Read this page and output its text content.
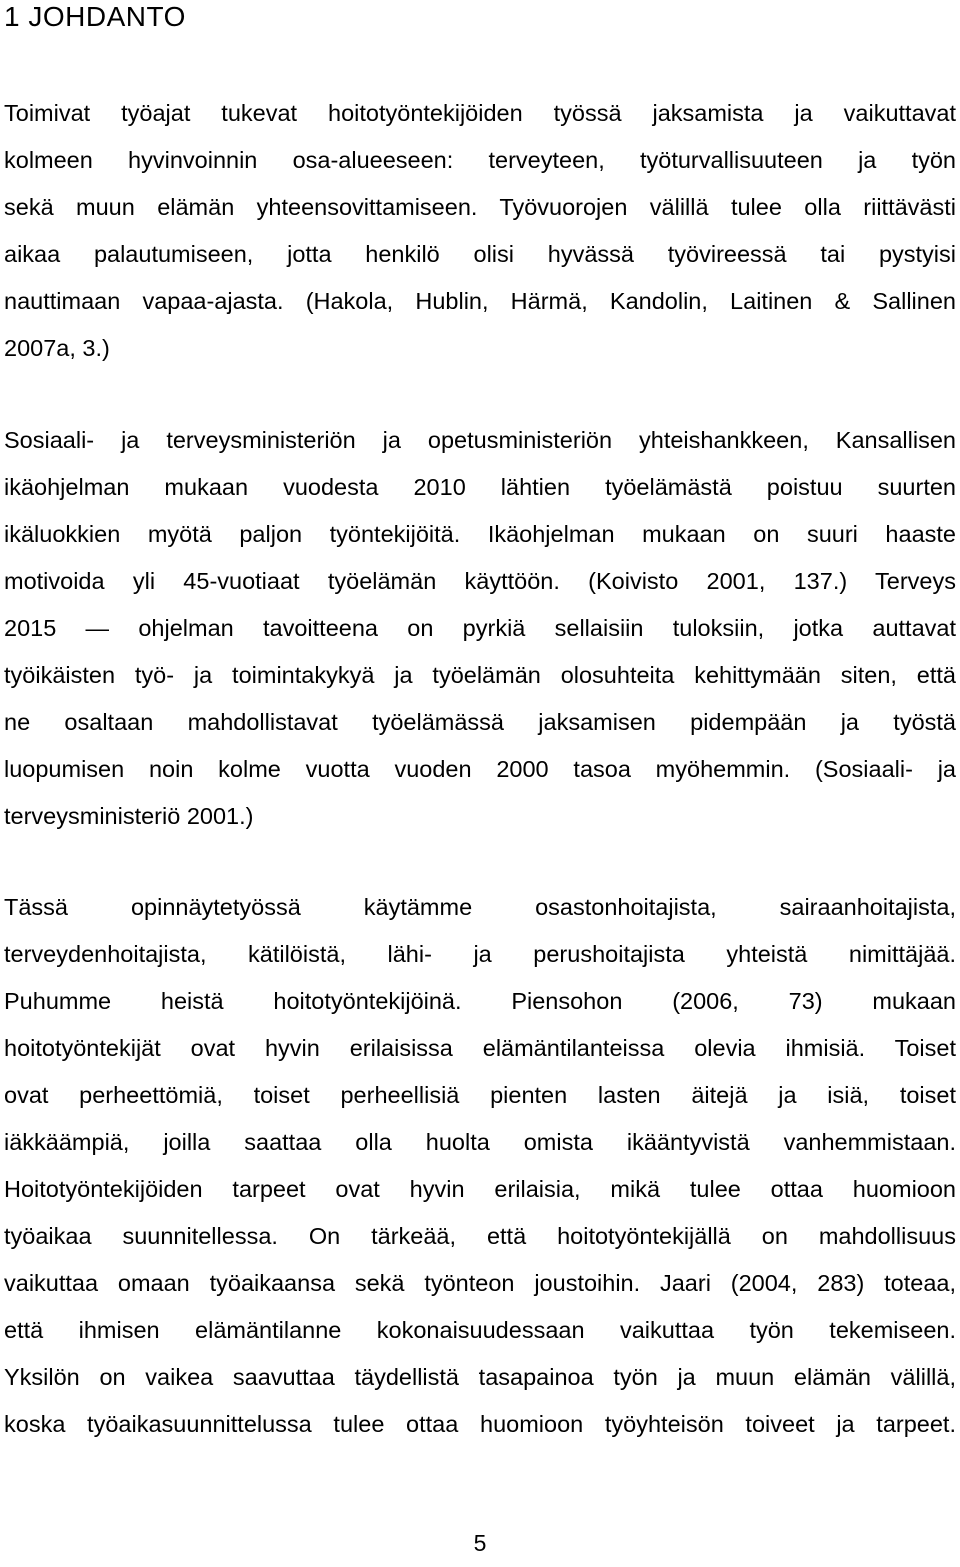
1 JOHDANTO
Toimivat työajat tukevat hoitotyöntekijöiden työssä jaksamista ja vaikuttavat
kolmeen hyvinvoinnin osa-alueeseen: terveyteen, työturvallisuuteen ja työn
sekä muun elämän yhteensovittamiseen. Työvuorojen välillä tulee olla riittävästi
aikaa palautumiseen, jotta henkilö olisi hyvässä työvireessä tai pystyisi
nauttimaan vapaa-ajasta. (Hakola, Hublin, Härmä, Kandolin, Laitinen & Sallinen
2007a, 3.)
Sosiaali- ja terveysministeriön ja opetusministeriön yhteishankkeen, Kansallisen
ikäohjelman mukaan vuodesta 2010 lähtien työelämästä poistuu suurten
ikäluokkien myötä paljon työntekijöitä. Ikäohjelman mukaan on suuri haaste
motivoida yli 45-vuotiaat työelämän käyttöön. (Koivisto 2001, 137.) Terveys
2015 — ohjelman tavoitteena on pyrkiä sellaisiin tuloksiin, jotka auttavat
työikäisten työ- ja toimintakykyä ja työelämän olosuhteita kehittymään siten, että
ne osaltaan mahdollistavat työelämässä jaksamisen pidempään ja työstä
luopumisen noin kolme vuotta vuoden 2000 tasoa myöhemmin. (Sosiaali- ja
terveysministeriö 2001.)
Tässä opinnäytetyössä käytämme osastonhoitajista, sairaanhoitajista,
terveydenhoitajista, kätilöistä, lähi- ja perushoitajista yhteistä nimittäjää.
Puhumme heistä hoitotyöntekijöinä. Piensohon (2006, 73) mukaan
hoitotyöntekijät ovat hyvin erilaisissa elämäntilanteissa olevia ihmisiä. Toiset
ovat perheettömiä, toiset perheellisiä pienten lasten äitejä ja isiä, toiset
iäkkäämpiä, joilla saattaa olla huolta omista ikääntyvistä vanhemmistaan.
Hoitotyöntekijöiden tarpeet ovat hyvin erilaisia, mikä tulee ottaa huomioon
työaikaa suunnitellessa. On tärkeää, että hoitotyöntekijällä on mahdollisuus
vaikuttaa omaan työaikaansa sekä työnteon joustoihin. Jaari (2004, 283) toteaa,
että ihmisen elämäntilanne kokonaisuudessaan vaikuttaa työn tekemiseen.
Yksilön on vaikea saavuttaa täydellistä tasapainoa työn ja muun elämän välillä,
koska työaikasuunnittelussa tulee ottaa huomioon työyhteisön toiveet ja tarpeet.
5
